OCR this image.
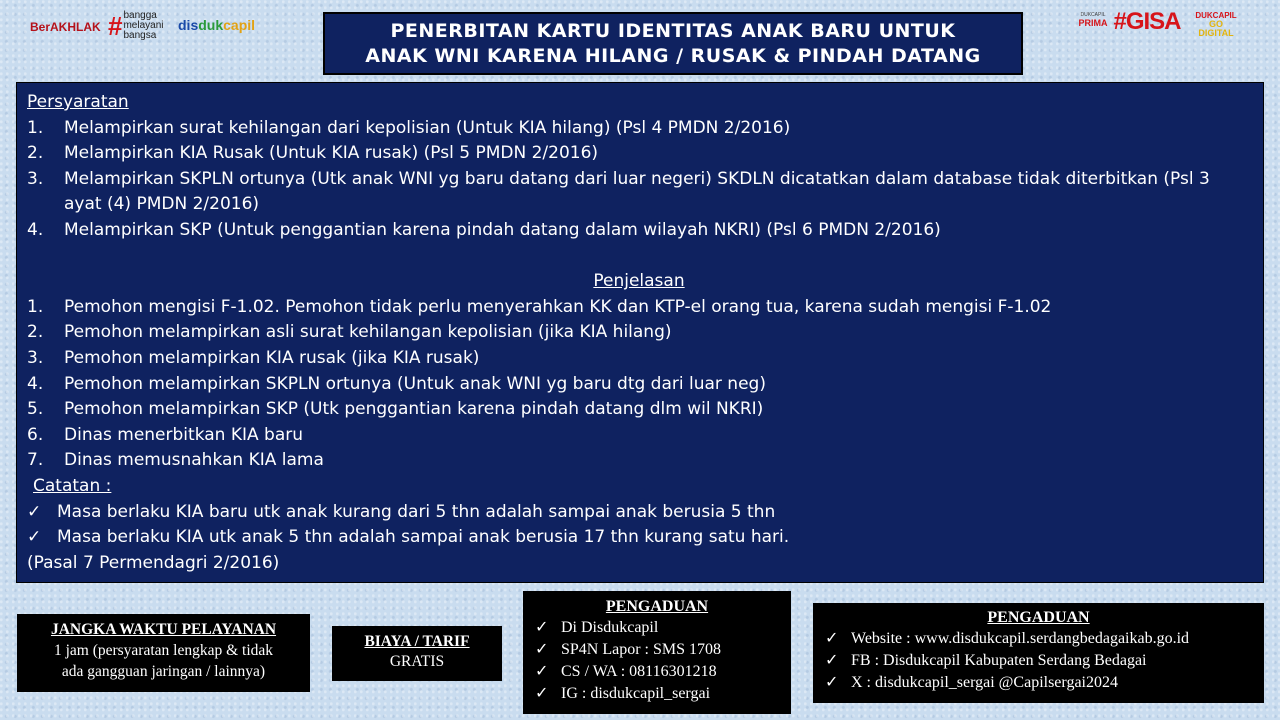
BerAKHLAK # bangga
melayani
bangsa
dis duk capil
DUKCAPIL
PRIMA #GISA	DUKCAPIL
GO
DIGITAL
PENERBITAN KARTU IDENTITAS ANAK BARU UNTUK
ANAK WNI KARENA HILANG / RUSAK & PINDAH DATANG
Persyaratan
1.	Melampirkan surat kehilangan dari kepolisian (Untuk KIA hilang) (Psl 4 PMDN 2/2016)
2.	Melampirkan KIA Rusak (Untuk KIA rusak) (Psl 5 PMDN 2/2016)
3.	Melampirkan SKPLN ortunya (Utk anak WNI yg baru datang dari luar negeri) SKDLN dicatatkan dalam database tidak diterbitkan (Psl 3 ayat (4) PMDN 2/2016)
4.	Melampirkan SKP (Untuk penggantian karena pindah datang dalam wilayah NKRI) (Psl 6 PMDN 2/2016)
Penjelasan
1.	Pemohon mengisi F-1.02. Pemohon tidak perlu menyerahkan KK dan KTP-el orang tua, karena sudah mengisi F-1.02
2.	Pemohon melampirkan asli surat kehilangan kepolisian (jika KIA hilang)
3.	Pemohon melampirkan KIA rusak (jika KIA rusak)
4.	Pemohon melampirkan SKPLN ortunya (Untuk anak WNI yg baru dtg dari luar neg)
5.	Pemohon melampirkan SKP (Utk penggantian karena pindah datang dlm wil NKRI)
6.	Dinas menerbitkan KIA baru
7.	Dinas memusnahkan KIA lama
Catatan :
✓ Masa berlaku KIA baru utk anak kurang dari 5 thn adalah sampai anak berusia 5 thn
✓ Masa berlaku KIA utk anak 5 thn adalah sampai anak berusia 17 thn kurang satu hari.
(Pasal 7 Permendagri 2/2016)
JANGKA WAKTU PELAYANAN
1 jam (persyaratan lengkap & tidak
ada gangguan jaringan / lainnya)
BIAYA / TARIF
GRATIS
PENGADUAN
✓ Di Disdukcapil
✓ SP4N Lapor : SMS 1708
✓ CS / WA : 08116301218
✓ IG : disdukcapil_sergai
PENGADUAN
✓ Website : www.disdukcapil.serdangbedagaikab.go.id
✓ FB : Disdukcapil Kabupaten Serdang Bedagai
✓ X : disdukcapil_sergai @Capilsergai2024
